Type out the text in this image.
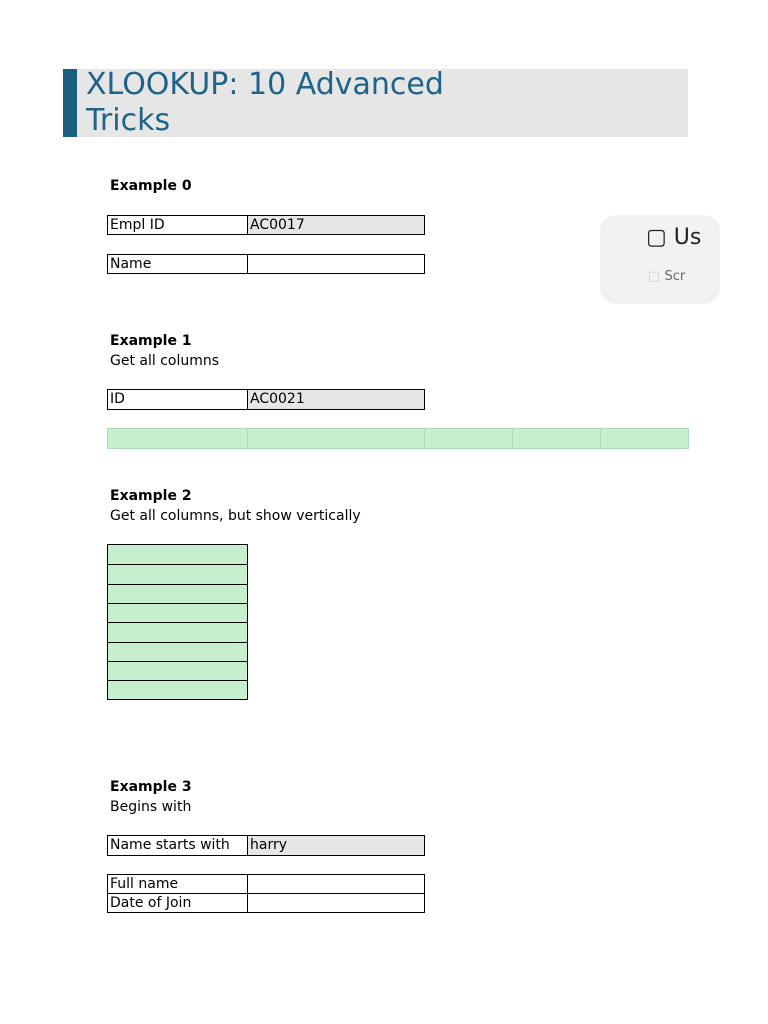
XLOOKUP: 10 Advanced Tricks
▢ Us
▢ Scr
Example 0
Empl ID	AC0017
Name
Example 1
Get all columns
ID	AC0021
Example 2
Get all columns, but show vertically
Example 3
Begins with
Name starts with	harry
Full name
Date of Join
